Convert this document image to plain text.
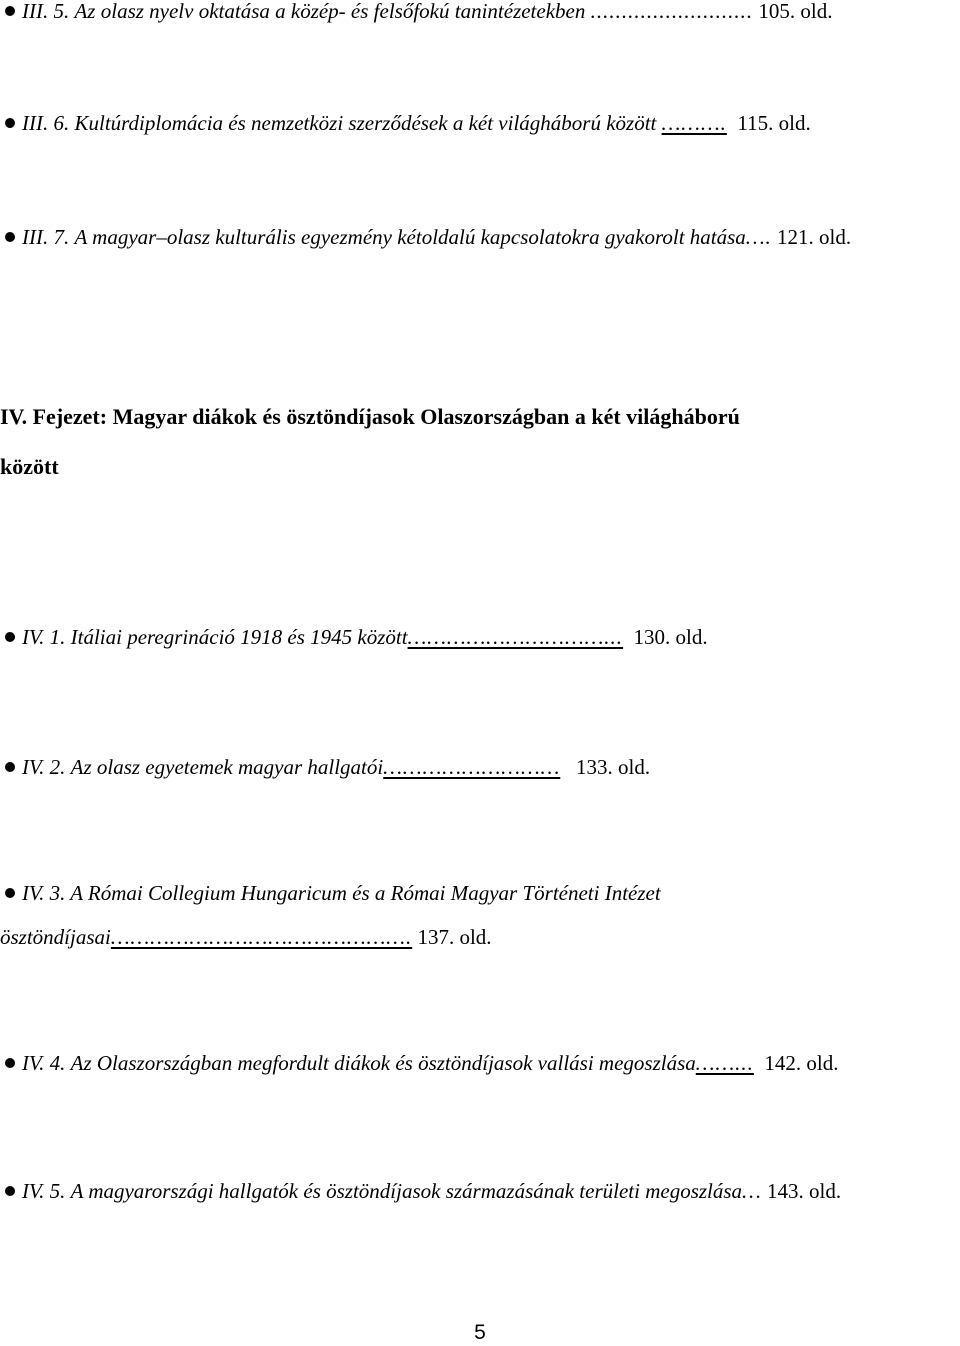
III. 5. Az olasz nyelv oktatása a közép- és felsőfokú tanintézetekben .......................... 105. old.
III. 6. Kultúrdiplomácia és nemzetközi szerződések a két világháború között ………. 115. old.
III. 7. A magyar–olasz kulturális egyezmény kétoldalú kapcsolatokra gyakorolt hatása…. 121. old.
IV. Fejezet: Magyar diákok és ösztöndíjasok Olaszországban a két világháború
között
IV. 1. Itáliai peregrináció 1918 és 1945 között…………………………... 130. old.
IV. 2. Az olasz egyetemek magyar hallgatói……………………… 133. old.
IV. 3. A Római Collegium Hungaricum és a Római Magyar Történeti Intézet
ösztöndíjasai………………………………………. 137. old.
IV. 4. Az Olaszországban megfordult diákok és ösztöndíjasok vallási megoszlása……... 142. old.
IV. 5. A magyarországi hallgatók és ösztöndíjasok származásának területi megoszlása… 143. old.
5
